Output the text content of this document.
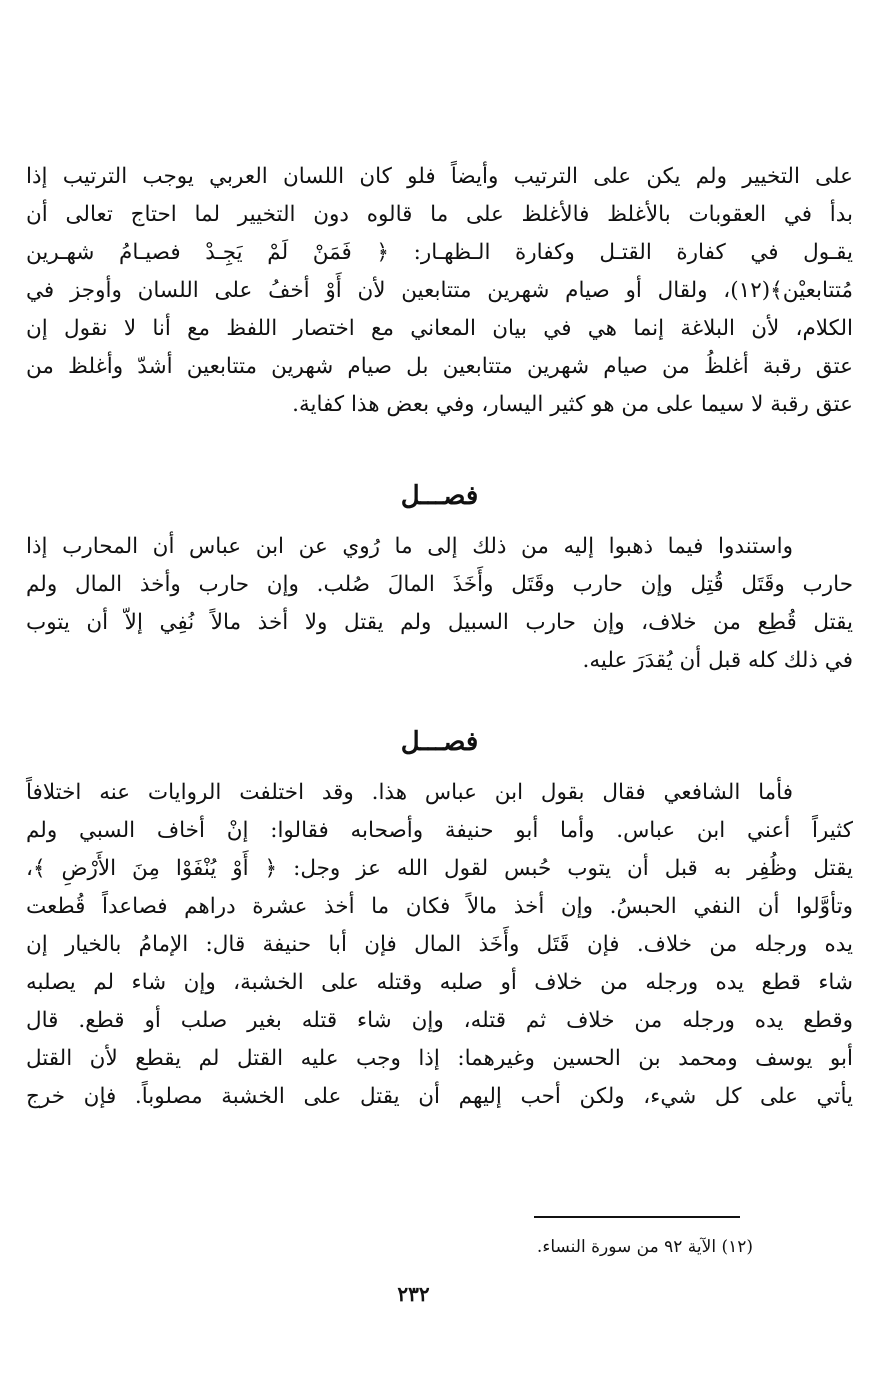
على التخيير ولم يكن على الترتيب وأيضاً فلو كان اللسان العربي يوجب الترتيب إذا
بدأ في العقوبات بالأغلظ فالأغلظ على ما قالوه دون التخيير لما احتاج تعالى أن
يقـول في كفارة القتـل وكفارة الـظهـار: ﴿ فَمَنْ لَمْ يَجِـدْ فصيـامُ شهـرين
مُتتابعيْن﴾(١٢)، ولقال أو صيام شهرين متتابعين لأن أَوْ أخفُ على اللسان وأوجز في
الكلام، لأن البلاغة إنما هي في بيان المعاني مع اختصار اللفظ مع أنا لا نقول إن
عتق رقبة أغلظُ من صيام شهرين متتابعين بل صيام شهرين متتابعين أشدّ وأغلظ من
عتق رقبة لا سيما على من هو كثير اليسار، وفي بعض هذا كفاية.
فصـــل
واستندوا فيما ذهبوا إليه من ذلك إلى ما رُوي عن ابن عباس أن المحارب إذا
حارب وقَتَل قُتِل وإن حارب وقَتَل وأَخَذَ المالَ صُلب. وإن حارب وأخذ المال ولم
يقتل قُطِع من خلاف، وإن حارب السبيل ولم يقتل ولا أخذ مالاً نُفِي إلاّ أن يتوب
في ذلك كله قبل أن يُقدَرَ عليه.
فصـــل
فأما الشافعي فقال بقول ابن عباس هذا. وقد اختلفت الروايات عنه اختلافاً
كثيراً أعني ابن عباس. وأما أبو حنيفة وأصحابه فقالوا: إنْ أخاف السبي ولم
يقتل وظُفِر به قبل أن يتوب حُبس لقول الله عز وجل: ﴿ أَوْ يُنْفَوْا مِنَ الأَرْضِ ﴾،
وتأوَّلوا أن النفي الحبسُ. وإن أخذ مالاً فكان ما أخذ عشرة دراهم فصاعداً قُطعت
يده ورجله من خلاف. فإن قَتَل وأَخَذ المال فإن أبا حنيفة قال: الإمامُ بالخيار إن
شاء قطع يده ورجله من خلاف أو صلبه وقتله على الخشبة، وإن شاء لم يصلبه
وقطع يده ورجله من خلاف ثم قتله، وإن شاء قتله بغير صلب أو قطع. قال
أبو يوسف ومحمد بن الحسين وغيرهما: إذا وجب عليه القتل لم يقطع لأن القتل
يأتي على كل شيء، ولكن أحب إليهم أن يقتل على الخشبة مصلوباً. فإن خرج
(١٢) الآية ٩٢ من سورة النساء.
٢٣٢
